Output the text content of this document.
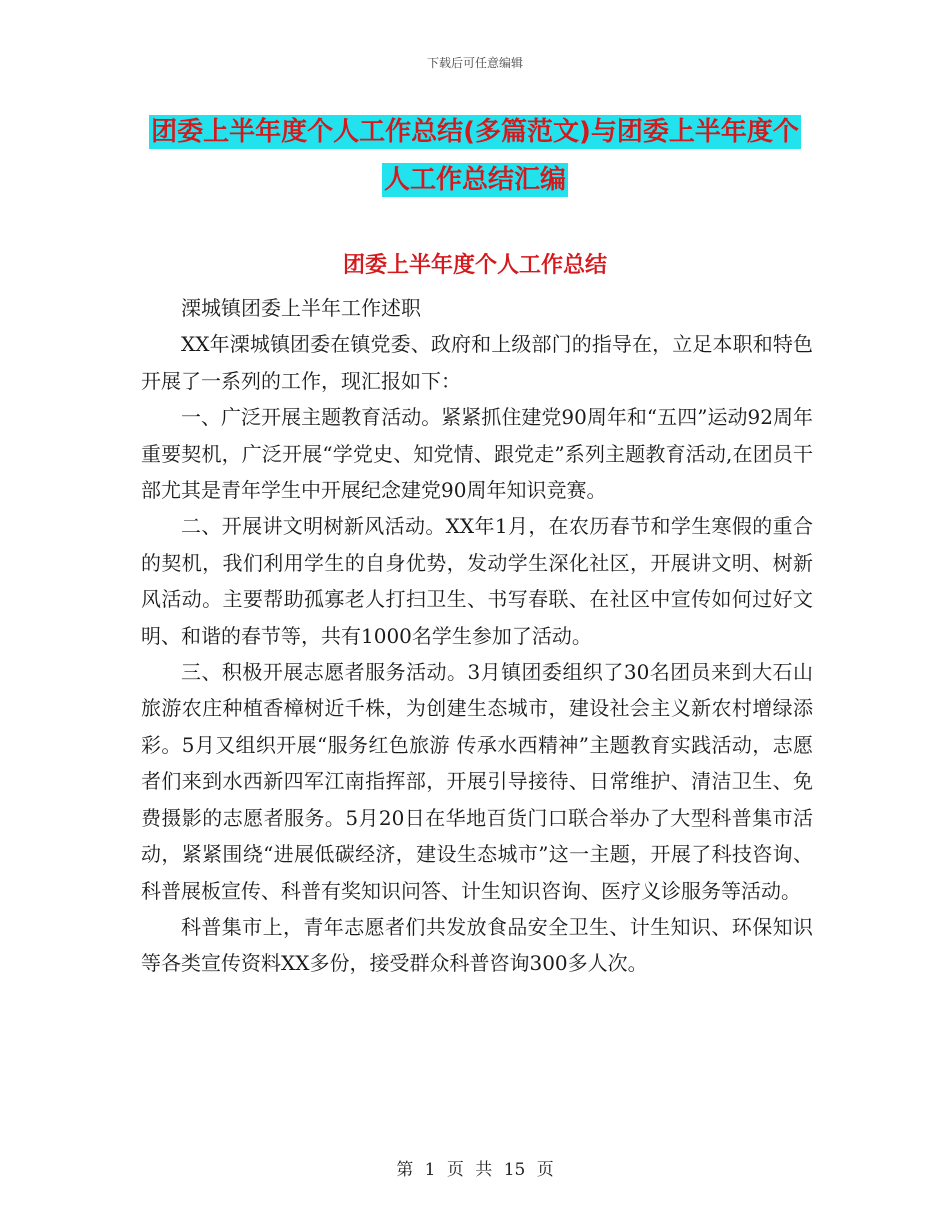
下载后可任意编辑
团委上半年度个人工作总结(多篇范文)与团委上半年度个人工作总结汇编
团委上半年度个人工作总结

溧城镇团委上半年工作述职

XX年溧城镇团委在镇党委、政府和上级部门的指导在，立足本职和特色开展了一系列的工作，现汇报如下：

一、广泛开展主题教育活动。紧紧抓住建党90周年和“五四”运动92周年重要契机，广泛开展“学党史、知党情、跟党走”系列主题教育活动,在团员干部尤其是青年学生中开展纪念建党90周年知识竞赛。

二、开展讲文明树新风活动。XX年1月，在农历春节和学生寒假的重合的契机，我们利用学生的自身优势，发动学生深化社区，开展讲文明、树新风活动。主要帮助孤寡老人打扫卫生、书写春联、在社区中宣传如何过好文明、和谐的春节等，共有1000名学生参加了活动。

三、积极开展志愿者服务活动。3月镇团委组织了30名团员来到大石山旅游农庄种植香樟树近千株，为创建生态城市，建设社会主义新农村增绿添彩。5月又组织开展“服务红色旅游 传承水西精神”主题教育实践活动，志愿者们来到水西新四军江南指挥部，开展引导接待、日常维护、清洁卫生、免费摄影的志愿者服务。5月20日在华地百货门口联合举办了大型科普集市活动，紧紧围绕“进展低碳经济，建设生态城市”这一主题，开展了科技咨询、科普展板宣传、科普有奖知识问答、计生知识咨询、医疗义诊服务等活动。

科普集市上，青年志愿者们共发放食品安全卫生、计生知识、环保知识等各类宣传资料XX多份，接受群众科普咨询300多人次。

第 1 页 共 15 页
